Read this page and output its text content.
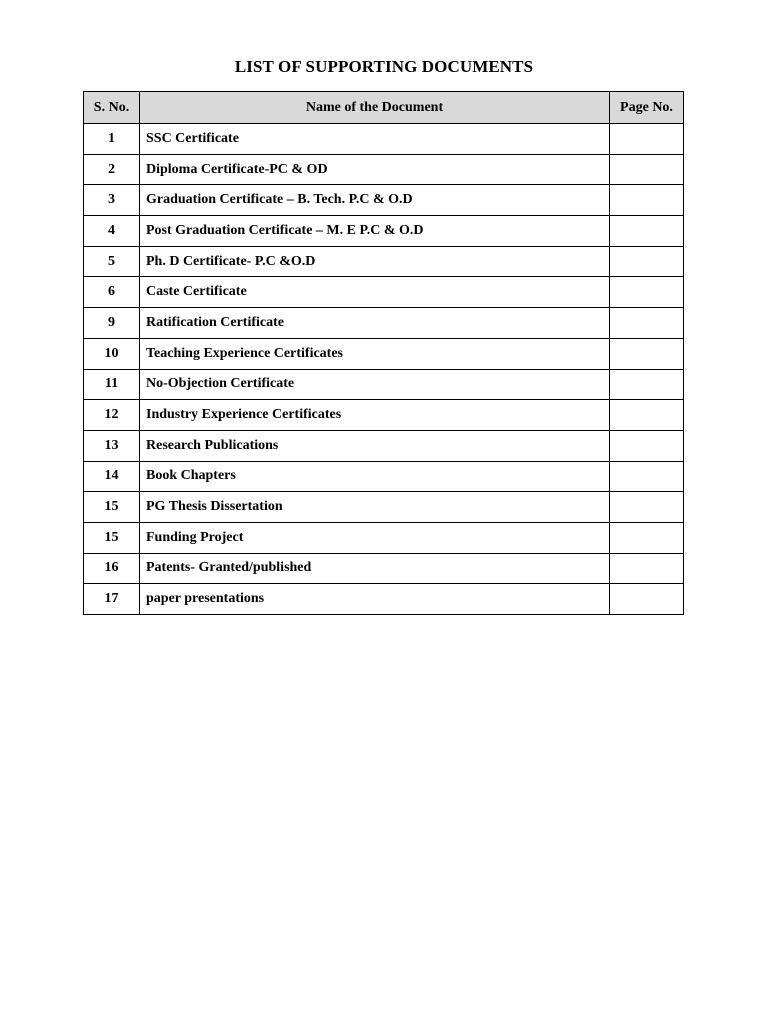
LIST OF SUPPORTING DOCUMENTS
S. No.	Name of the Document	Page No.
1	SSC Certificate	
2	Diploma Certificate-PC & OD	
3	Graduation Certificate – B. Tech. P.C & O.D	
4	Post Graduation Certificate – M. E P.C & O.D	
5	Ph. D Certificate- P.C &O.D	
6	Caste Certificate	
9	Ratification Certificate	
10	Teaching Experience Certificates	
11	No-Objection Certificate	
12	Industry Experience Certificates	
13	Research Publications	
14	Book Chapters	
15	PG Thesis Dissertation	
15	Funding Project	
16	Patents- Granted/published	
17	paper presentations	
